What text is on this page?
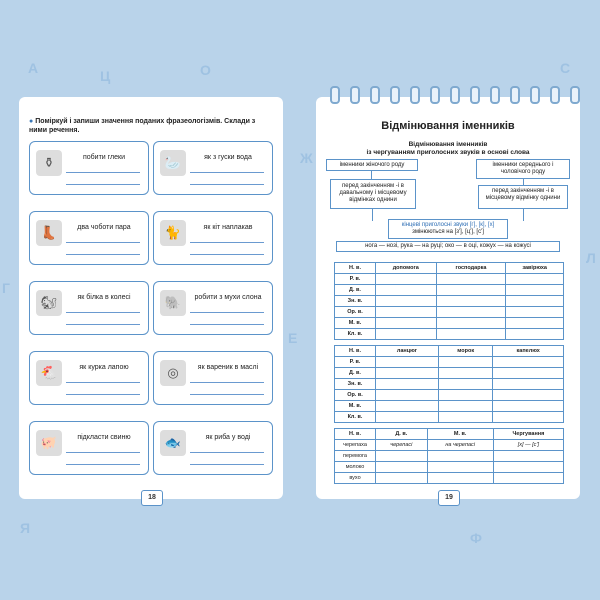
А	Ц	О
Г
Е
Л
Ж
С
Я
Ф
● Поміркуй і запиши значення поданих фразеологізмів. Склади з ними речення.
⚱	побити глеки	🦢	як з гуски вода
👢	два чоботи пара	🐈	як кіт наплакав
🐿	як білка в колесі	🐘	робити з мухи слона
🐔	як курка лапою	◎	як вареник в маслі
🐖	підкласти свиню	🐟	як риба у воді
18
Відмінювання іменників
Відмінювання іменників
із чергуванням приголосних звуків в основі слова
іменники жіночого роду	іменники середнього і чоловічого роду
перед закінченням -і в давальному і місцевому відмінках однини
перед закінченням -і в місцевому відмінку однини
кінцеві приголосні звуки [г], [к], [х]
змінюються на [з'], [ц'], [с']
нога — нозі, рука — на руці; око — в оці, кожух — на кожусі
Н. в.	допомога	господарка	завірюха
Р. в.			
Д. в.			
Зн. в.			
Ор. в.			
М. в.			
Кл. в.			
Н. в.	ланцюг	морок	капелюх
Р. в.			
Д. в.			
Зн. в.			
Ор. в.			
М. в.			
Кл. в.			
Н. в.	Д. в.	М. в.	Чергування
черепаха	черепасі	на черепасі	[х] — [с']
перемога			
молоко			
вухо			
19
